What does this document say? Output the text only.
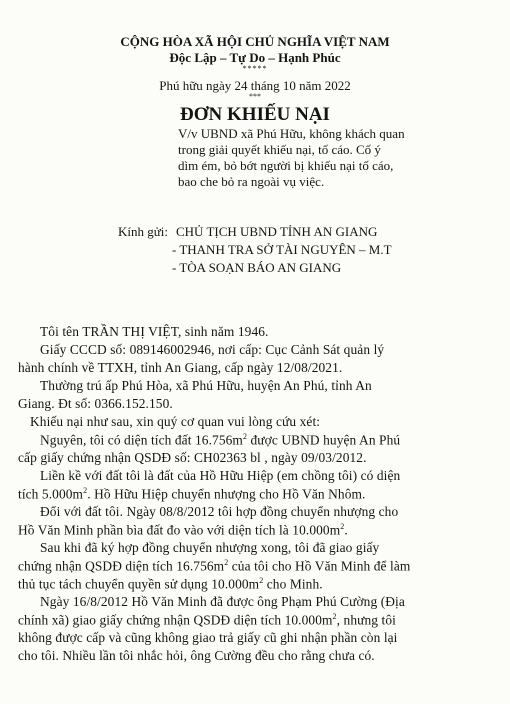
CỘNG HÒA XÃ HỘI CHỦ NGHĨA VIỆT NAM
Độc Lập – Tự Do – Hạnh Phúc
*****
Phú hữu ngày 24 tháng 10 năm 2022
***
ĐƠN KHIẾU NẠI
V/v UBND xã Phú Hữu, không khách quan
trong giải quyết khiếu nại, tố cáo. Cố ý
dìm ém, bỏ bớt người bị khiếu nại tố cáo,
bao che bỏ ra ngoài vụ việc.
Kính gửi: CHỦ TỊCH UBND TỈNH AN GIANG
- THANH TRA SỞ TÀI NGUYÊN – M.T
- TÒA SOẠN BÁO AN GIANG
Tôi tên TRẦN THỊ VIỆT, sinh năm 1946.
Giấy CCCD số: 089146002946, nơi cấp: Cục Cảnh Sát quản lý
hành chính về TTXH, tỉnh An Giang, cấp ngày 12/08/2021.
Thường trú ấp Phú Hòa, xã Phú Hữu, huyện An Phú, tỉnh An
Giang. Đt số: 0366.152.150.
Khiếu nại như sau, xin quý cơ quan vui lòng cứu xét:
Nguyên, tôi có diện tích đất $16.756m^2$ được UBND huyện An Phú
cấp giấy chứng nhận QSDĐ số: CH02363 bl , ngày 09/03/2012.
Liền kề với đất tôi là đất của Hồ Hữu Hiệp (em chồng tôi) có diện
tích $5.000m^2$. Hồ Hữu Hiệp chuyển nhượng cho Hồ Văn Nhôm.
Đổi với đất tôi. Ngày 08/8/2012 tôi hợp đồng chuyển nhượng cho
Hồ Văn Minh phần bìa đất đo vào với diện tích là $10.000m^2$.
Sau khi đã ký hợp đồng chuyển nhượng xong, tôi đã giao giấy
chứng nhận QSDĐ diện tích $16.756m^2$ của tôi cho Hồ Văn Minh để làm
thủ tục tách chuyển quyền sử dụng $10.000m^2$ cho Minh.
Ngày 16/8/2012 Hồ Văn Minh đã được ông Phạm Phú Cường (Địa
chính xã) giao giấy chứng nhận QSDĐ diện tích $10.000m^2$, nhưng tôi
không được cấp và cũng không giao trả giấy cũ ghi nhận phần còn lại
cho tôi. Nhiều lần tôi nhắc hỏi, ông Cường đều cho rằng chưa có.
